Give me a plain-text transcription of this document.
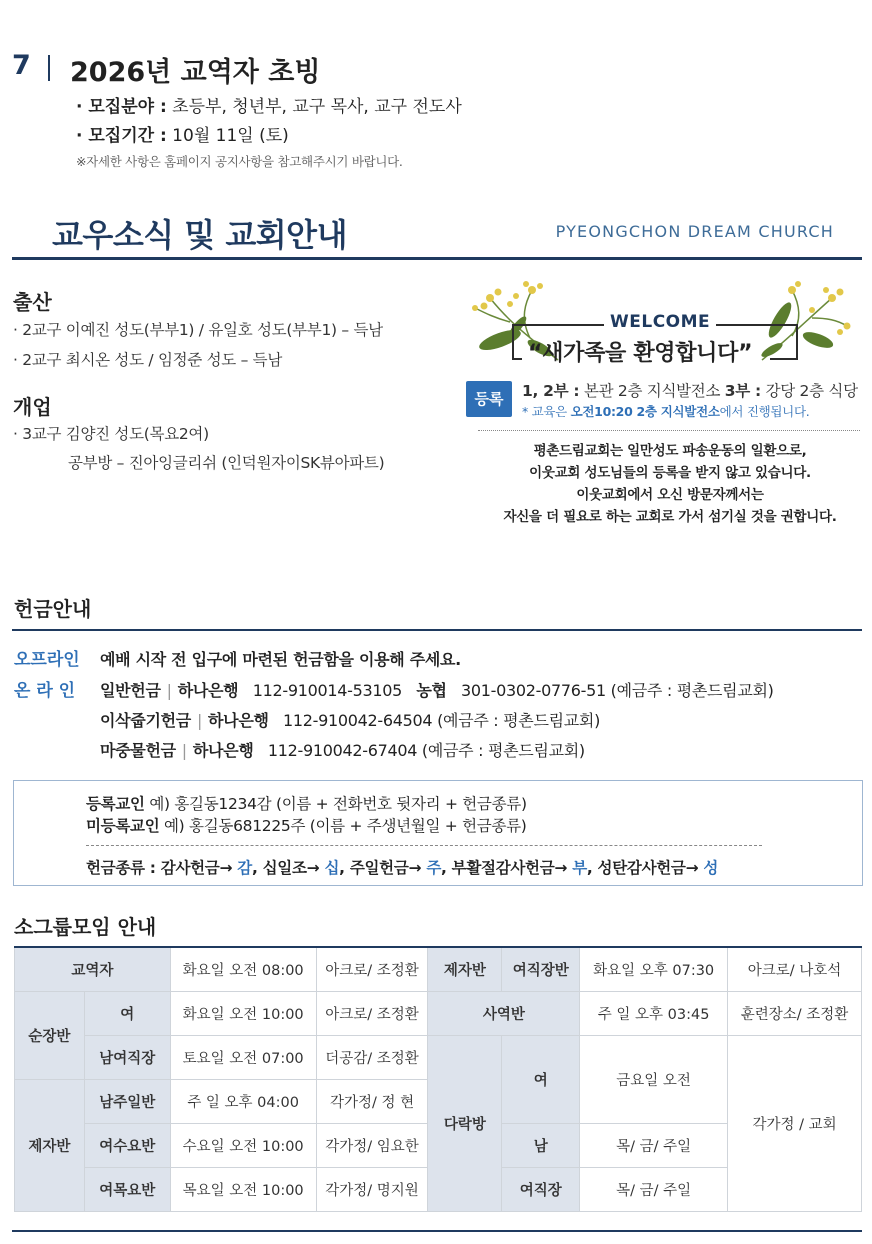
7 2026년 교역자 초빙
· 모집분야 : 초등부, 청년부, 교구 목사, 교구 전도사
· 모집기간 : 10월 11일 (토)
※자세한 사항은 홈페이지 공지사항을 참고해주시기 바랍니다.
교우소식 및 교회안내	PYEONGCHON DREAM CHURCH
출산
· 2교구 이예진 성도(부부1) / 유일호 성도(부부1) – 득남
· 2교구 최시온 성도 / 임정준 성도 – 득남
개업
· 3교구 김양진 성도(목요2여)
공부방 – 진아잉글리쉬 (인덕원자이SK뷰아파트)
WELCOME
“새가족을 환영합니다”
등록	1, 2부 : 본관 2층 지식발전소 3부 : 강당 2층 식당
* 교육은 오전10:20 2층 지식발전소에서 진행됩니다.
평촌드림교회는 일만성도 파송운동의 일환으로,
이웃교회 성도님들의 등록을 받지 않고 있습니다.
이웃교회에서 오신 방문자께서는
자신을 더 필요로 하는 교회로 가서 섬기실 것을 권합니다.
헌금안내
오프라인 예배 시작 전 입구에 마련된 헌금함을 이용해 주세요.
온 라 인 일반헌금 | 하나은행 112-910014-53105 농협 301-0302-0776-51 (예금주 : 평촌드림교회)
이삭줍기헌금 | 하나은행 112-910042-64504 (예금주 : 평촌드림교회)
마중물헌금 | 하나은행 112-910042-67404 (예금주 : 평촌드림교회)
등록교인 예) 홍길동1234감 (이름 + 전화번호 뒷자리 + 헌금종류)
미등록교인 예) 홍길동681225주 (이름 + 주생년월일 + 헌금종류)
헌금종류 : 감사헌금→ 감, 십일조→ 십, 주일헌금→ 주, 부활절감사헌금→ 부, 성탄감사헌금→ 성
소그룹모임 안내
교역자		화요일 오전 08:00	아크로/ 조정환	제자반	여직장반	화요일 오후 07:30	아크로/ 나호석
순장반	여	화요일 오전 10:00	아크로/ 조정환	사역반		주 일 오후 03:45	훈련장소/ 조정환
	남여직장	토요일 오전 07:00	더공감/ 조정환	다락방	여	금요일 오전	각가정 / 교회
제자반	남주일반	주 일 오후 04:00	각가정/ 정 현				
	여수요반	수요일 오전 10:00	각가정/ 임요한		남	목/ 금/ 주일	
	여목요반	목요일 오전 10:00	각가정/ 명지원		여직장	목/ 금/ 주일	
